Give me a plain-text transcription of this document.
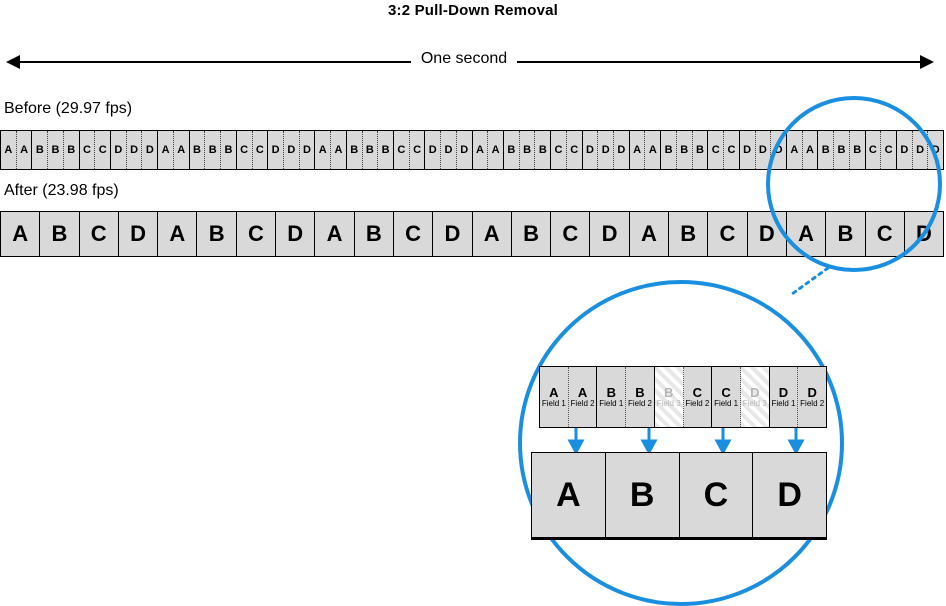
3:2 Pull-Down Removal
One second
Before (29.97 fps)
A A B B B C C D D D A A B B B C C D D D A A B B B C C D D D A A B B B C C D D D A A B B B C C D D D A A B B B C C D D D
After (23.98 fps)
A	B	C	D	A	B	C	D	A	B	C	D	A	B	C	D	A	B	C	D	A	B	C	D
A
Field 1
A
Field 2
B
Field 1
B
Field 2
B
Field 3
C
Field 2
C
Field 1
D
Field 3
D
Field 1
D
Field 2
A	B	C	D
